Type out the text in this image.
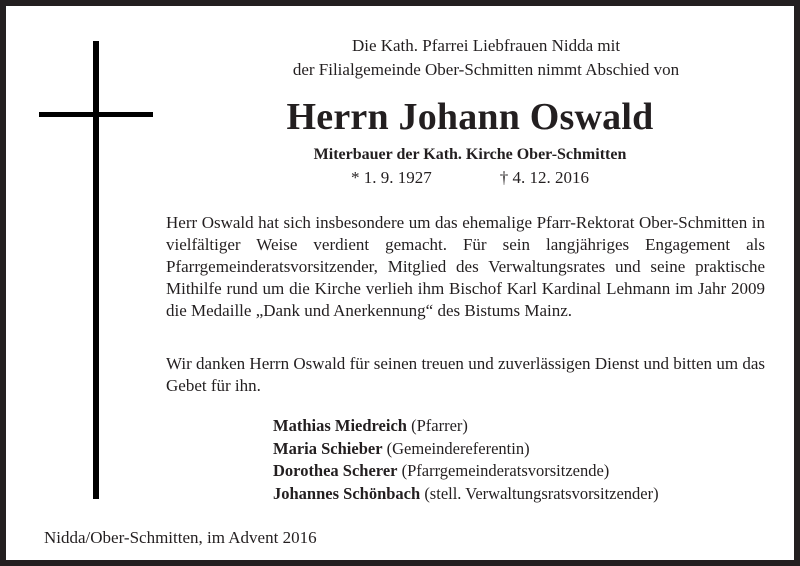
Die Kath. Pfarrei Liebfrauen Nidda mit
der Filialgemeinde Ober-Schmitten nimmt Abschied von
Herrn Johann Oswald
Miterbauer der Kath. Kirche Ober-Schmitten
* 1. 9. 1927	† 4. 12. 2016
Herr Oswald hat sich insbesondere um das ehemalige Pfarr-Rektorat Ober-Schmitten in vielfältiger Weise verdient gemacht. Für sein langjähriges Engagement als Pfarrgemeinderatsvorsitzender, Mitglied des Verwaltungsrates und seine praktische Mithilfe rund um die Kirche verlieh ihm Bischof Karl Kardinal Lehmann im Jahr 2009 die Medaille „Dank und Anerkennung“ des Bistums Mainz.
Wir danken Herrn Oswald für seinen treuen und zuverlässigen Dienst und bitten um das Gebet für ihn.
Mathias Miedreich (Pfarrer)
Maria Schieber (Gemeindereferentin)
Dorothea Scherer (Pfarrgemeinderatsvorsitzende)
Johannes Schönbach (stell. Verwaltungsratsvorsitzender)
Nidda/Ober-Schmitten, im Advent 2016
